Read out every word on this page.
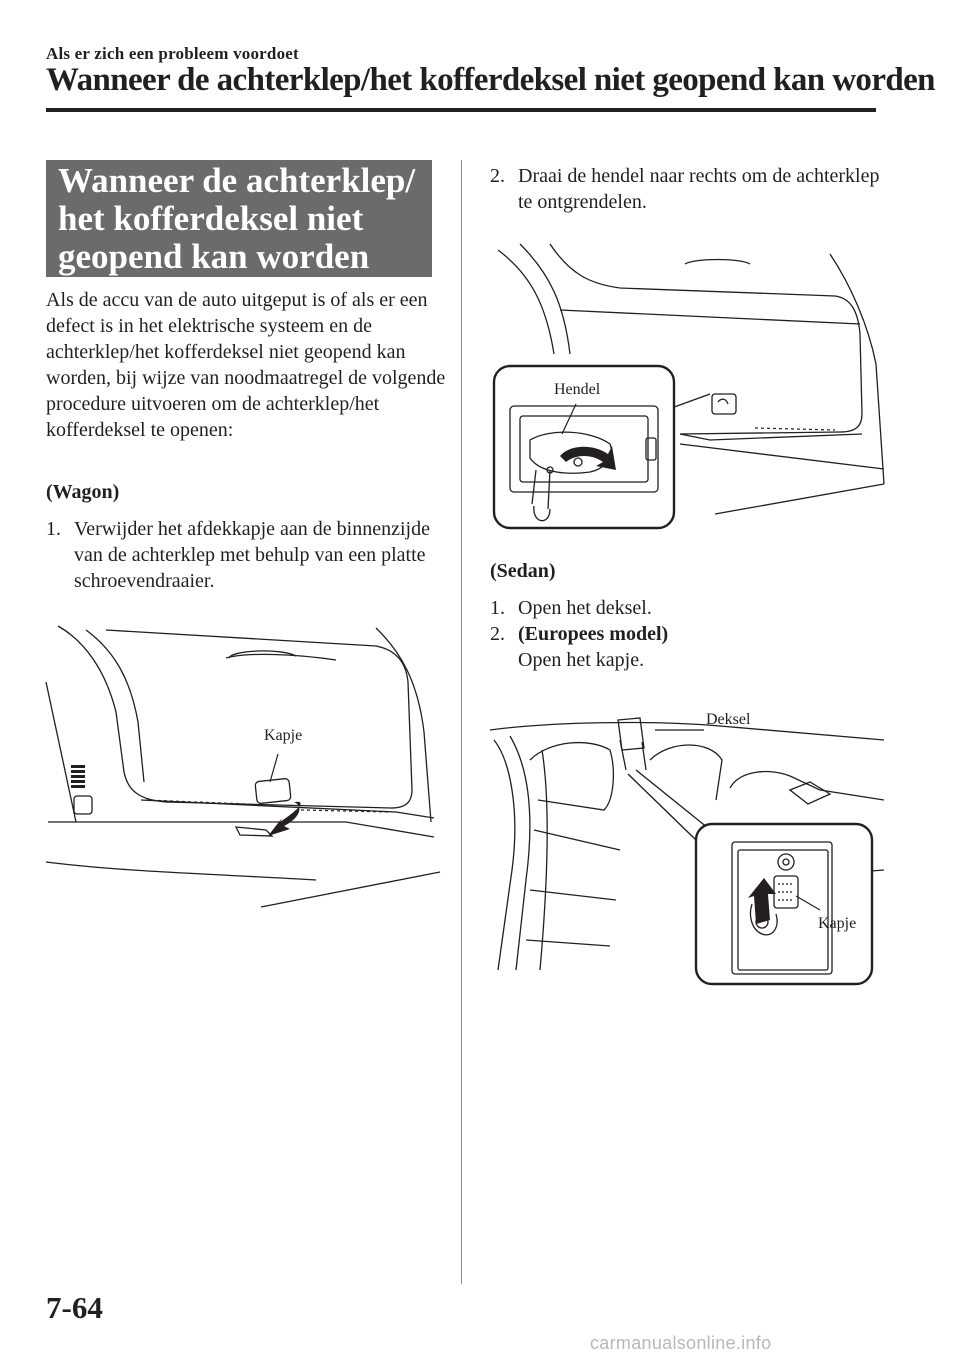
Als er zich een probleem voordoet
Wanneer de achterklep/het kofferdeksel niet geopend kan worden
Wanneer de achterklep/
het kofferdeksel niet
geopend kan worden
Als de accu van de auto uitgeput is of als er een defect is in het elektrische systeem en de achterklep/het kofferdeksel niet geopend kan worden, bij wijze van noodmaatregel de volgende procedure uitvoeren om de achterklep/het kofferdeksel te openen:
(Wagon)
1. Verwijder het afdekkapje aan de binnenzijde van de achterklep met behulp van een platte schroevendraaier.
Kapje
2. Draai de hendel naar rechts om de achterklep te ontgrendelen.
Hendel
(Sedan)
1. Open het deksel.
2. (Europees model)
Open het kapje.
Deksel
Kapje
7-64
carmanualsonline.info
